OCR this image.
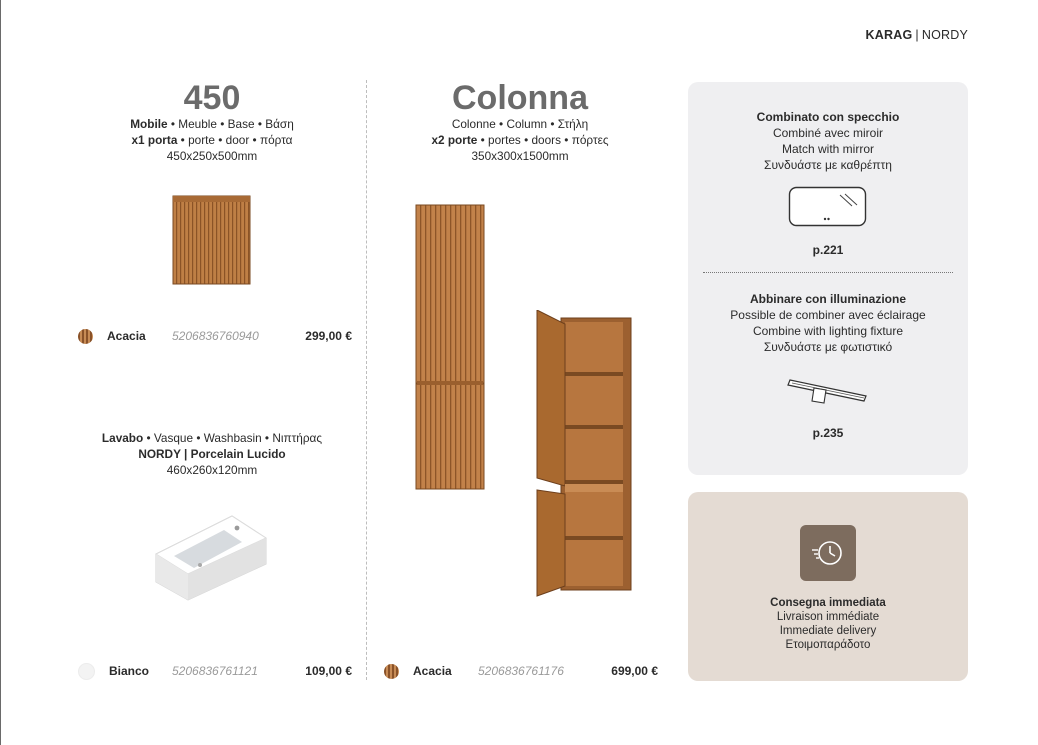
KARAG | NORDY
450
Mobile • Meuble • Base • Βάση
x1 porta • porte • door • πόρτα
450x250x500mm
Acacia 5206836760940	299,00 €
Lavabo • Vasque • Washbasin • Νιπτήρας
NORDY | Porcelain Lucido
460x260x120mm
Bianco 5206836761121	109,00 €
Colonna
Colonne • Column • Στήλη
x2 porte • portes • doors • πόρτες
350x300x1500mm
Acacia 5206836761176	699,00 €
Combinato con specchio
Combiné avec miroir
Match with mirror
Συνδυάστε με καθρέπτη
p.221
Abbinare con illuminazione
Possible de combiner avec éclairage
Combine with lighting fixture
Συνδυάστε με φωτιστικό
p.235
Consegna immediata
Livraison immédiate
Immediate delivery
Ετοιμοπαράδοτο
